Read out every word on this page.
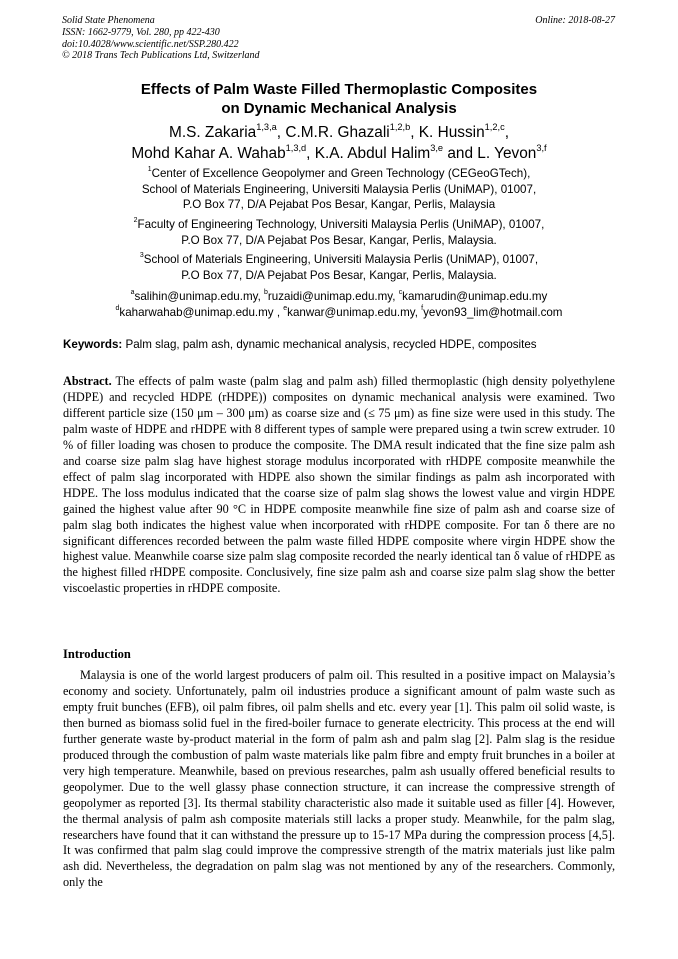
Solid State Phenomena
ISSN: 1662-9779, Vol. 280, pp 422-430
doi:10.4028/www.scientific.net/SSP.280.422
© 2018 Trans Tech Publications Ltd, Switzerland
Online: 2018-08-27
Effects of Palm Waste Filled Thermoplastic Composites
on Dynamic Mechanical Analysis
M.S. Zakaria$^{1,3,a}$, C.M.R. Ghazali$^{1,2,b}$, K. Hussin$^{1,2,c}$,
Mohd Kahar A. Wahab$^{1,3,d}$, K.A. Abdul Halim$^{3,e}$ and L. Yevon$^{3,f}$
$^1$Center of Excellence Geopolymer and Green Technology (CEGeoGTech),
School of Materials Engineering, Universiti Malaysia Perlis (UniMAP), 01007,
P.O Box 77, D/A Pejabat Pos Besar, Kangar, Perlis, Malaysia
$^2$Faculty of Engineering Technology, Universiti Malaysia Perlis (UniMAP), 01007,
P.O Box 77, D/A Pejabat Pos Besar, Kangar, Perlis, Malaysia.
$^3$School of Materials Engineering, Universiti Malaysia Perlis (UniMAP), 01007,
P.O Box 77, D/A Pejabat Pos Besar, Kangar, Perlis, Malaysia.
$^a$salihin@unimap.edu.my, $^b$ruzaidi@unimap.edu.my, $^c$kamarudin@unimap.edu.my
$^d$kaharwahab@unimap.edu.my , $^e$kanwar@unimap.edu.my, $^f$yevon93_lim@hotmail.com
Keywords: Palm slag, palm ash, dynamic mechanical analysis, recycled HDPE, composites
Abstract. The effects of palm waste (palm slag and palm ash) filled thermoplastic (high density polyethylene (HDPE) and recycled HDPE (rHDPE)) composites on dynamic mechanical analysis were examined. Two different particle size (150 μm – 300 μm) as coarse size and (≤ 75 μm) as fine size were used in this study. The palm waste of HDPE and rHDPE with 8 different types of sample were prepared using a twin screw extruder. 10 % of filler loading was chosen to produce the composite. The DMA result indicated that the fine size palm ash and coarse size palm slag have highest storage modulus incorporated with rHDPE composite meanwhile the effect of palm slag incorporated with HDPE also shown the similar findings as palm ash incorporated with HDPE. The loss modulus indicated that the coarse size of palm slag shows the lowest value and virgin HDPE gained the highest value after 90 °C in HDPE composite meanwhile fine size of palm ash and coarse size of palm slag both indicates the highest value when incorporated with rHDPE composite. For tan δ there are no significant differences recorded between the palm waste filled HDPE composite where virgin HDPE show the highest value. Meanwhile coarse size palm slag composite recorded the nearly identical tan δ value of rHDPE as the highest filled rHDPE composite. Conclusively, fine size palm ash and coarse size palm slag show the better viscoelastic properties in rHDPE composite.
Introduction
Malaysia is one of the world largest producers of palm oil. This resulted in a positive impact on Malaysia’s economy and society. Unfortunately, palm oil industries produce a significant amount of palm waste such as empty fruit bunches (EFB), oil palm fibres, oil palm shells and etc. every year [1]. This palm oil solid waste, is then burned as biomass solid fuel in the fired-boiler furnace to generate electricity. This process at the end will further generate waste by-product material in the form of palm ash and palm slag [2]. Palm slag is the residue produced through the combustion of palm waste materials like palm fibre and empty fruit brunches in a boiler at very high temperature. Meanwhile, based on previous researches, palm ash usually offered beneficial results to geopolymer. Due to the well glassy phase connection structure, it can increase the compressive strength of geopolymer as reported [3]. Its thermal stability characteristic also made it suitable used as filler [4]. However, the thermal analysis of palm ash composite materials still lacks a proper study. Meanwhile, for the palm slag, researchers have found that it can withstand the pressure up to 15-17 MPa during the compression process [4,5]. It was confirmed that palm slag could improve the compressive strength of the matrix materials just like palm ash did. Nevertheless, the degradation on palm slag was not mentioned by any of the researchers. Commonly, only the
